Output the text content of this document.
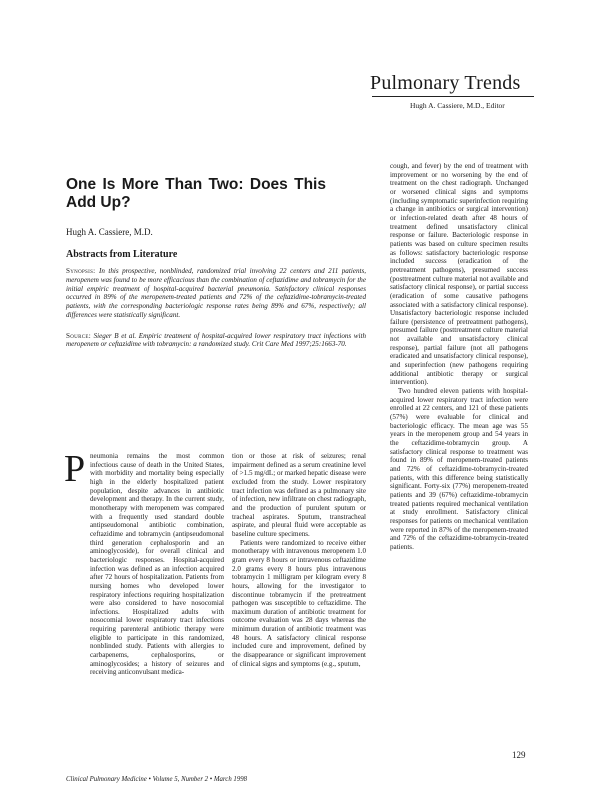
Pulmonary Trends
Hugh A. Cassiere, M.D., Editor
One Is More Than Two: Does This Add Up?
Hugh A. Cassiere, M.D.
Abstracts from Literature
Synopsis: In this prospective, nonblinded, randomized trial involving 22 centers and 211 patients, meropenem was found to be more efficacious than the combination of ceftazidime and tobramycin for the initial empiric treatment of hospital-acquired bacterial pneumonia. Satisfactory clinical responses occurred in 89% of the meropenem-treated patients and 72% of the ceftazidime-tobramycin-treated patients, with the corresponding bacteriologic response rates being 89% and 67%, respectively; all differences were statistically significant.
Source: Sieger B et al. Empiric treatment of hospital-acquired lower respiratory tract infections with meropenem or ceftazidime with tobramycin: a randomized study. Crit Care Med 1997;25:1663-70.

Pneumonia remains the most common infectious cause of death in the United States, with morbidity and mortality being especially high in the elderly hospitalized patient population, despite advances in antibiotic development and therapy. In the current study, monotherapy with meropenem was compared with a frequently used standard double antipseudomonal antibiotic combination, ceftazidime and tobramycin (antipseudomonal third generation cephalosporin and an aminoglycoside), for overall clinical and bacteriologic responses. Hospital-acquired infection was defined as an infection acquired after 72 hours of hospitalization. Patients from nursing homes who developed lower respiratory infections requiring hospitalization were also considered to have nosocomial infections. Hospitalized adults with nosocomial lower respiratory tract infections requiring parenteral antibiotic therapy were eligible to participate in this randomized, nonblinded study. Patients with allergies to carbapenems, cephalosporins, or aminoglycosides; a history of seizures and receiving anticonvulsant medica-

tion or those at risk of seizures; renal impairment defined as a serum creatinine level of >1.5 mg/dL; or marked hepatic disease were excluded from the study. Lower respiratory tract infection was defined as a pulmonary site of infection, new infiltrate on chest radiograph, and the production of purulent sputum or tracheal aspirates. Sputum, transtracheal aspirate, and pleural fluid were acceptable as baseline culture specimens.

Patients were randomized to receive either monotherapy with intravenous meropenem 1.0 gram every 8 hours or intravenous ceftazidime 2.0 grams every 8 hours plus intravenous tobramycin 1 milligram per kilogram every 8 hours, allowing for the investigator to discontinue tobramycin if the pretreatment pathogen was susceptible to ceftazidime. The maximum duration of antibiotic treatment for outcome evaluation was 28 days whereas the minimum duration of antibiotic treatment was 48 hours. A satisfactory clinical response included cure and improvement, defined by the disappearance or significant improvement of clinical signs and symptoms (e.g., sputum,

cough, and fever) by the end of treatment with improvement or no worsening by the end of treatment on the chest radiograph. Unchanged or worsened clinical signs and symptoms (including symptomatic superinfection requiring a change in antibiotics or surgical intervention) or infection-related death after 48 hours of treatment defined unsatisfactory clinical response or failure. Bacteriologic response in patients was based on culture specimen results as follows: satisfactory bacteriologic response included success (eradication of the pretreatment pathogens), presumed success (posttreatment culture material not available and satisfactory clinical response), or partial success (eradication of some causative pathogens associated with a satisfactory clinical response). Unsatisfactory bacteriologic response included failure (persistence of pretreatment pathogens), presumed failure (posttreatment culture material not available and unsatisfactory clinical response), partial failure (not all pathogens eradicated and unsatisfactory clinical response), and superinfection (new pathogens requiring additional antibiotic therapy or surgical intervention).

Two hundred eleven patients with hospital-acquired lower respiratory tract infection were enrolled at 22 centers, and 121 of these patients (57%) were evaluable for clinical and bacteriologic efficacy. The mean age was 55 years in the meropenem group and 54 years in the ceftazidime-tobramycin group. A satisfactory clinical response to treatment was found in 89% of meropenem-treated patients and 72% of ceftazidime-tobramycin-treated patients, with this difference being statistically significant. Forty-six (77%) meropenem-treated patients and 39 (67%) ceftazidime-tobramycin treated patients required mechanical ventilation at study enrollment. Satisfactory clinical responses for patients on mechanical ventilation were reported in 87% of the meropenem-treated and 72% of the ceftazidime-tobramycin-treated patients.

129
Clinical Pulmonary Medicine • Volume 5, Number 2 • March 1998
